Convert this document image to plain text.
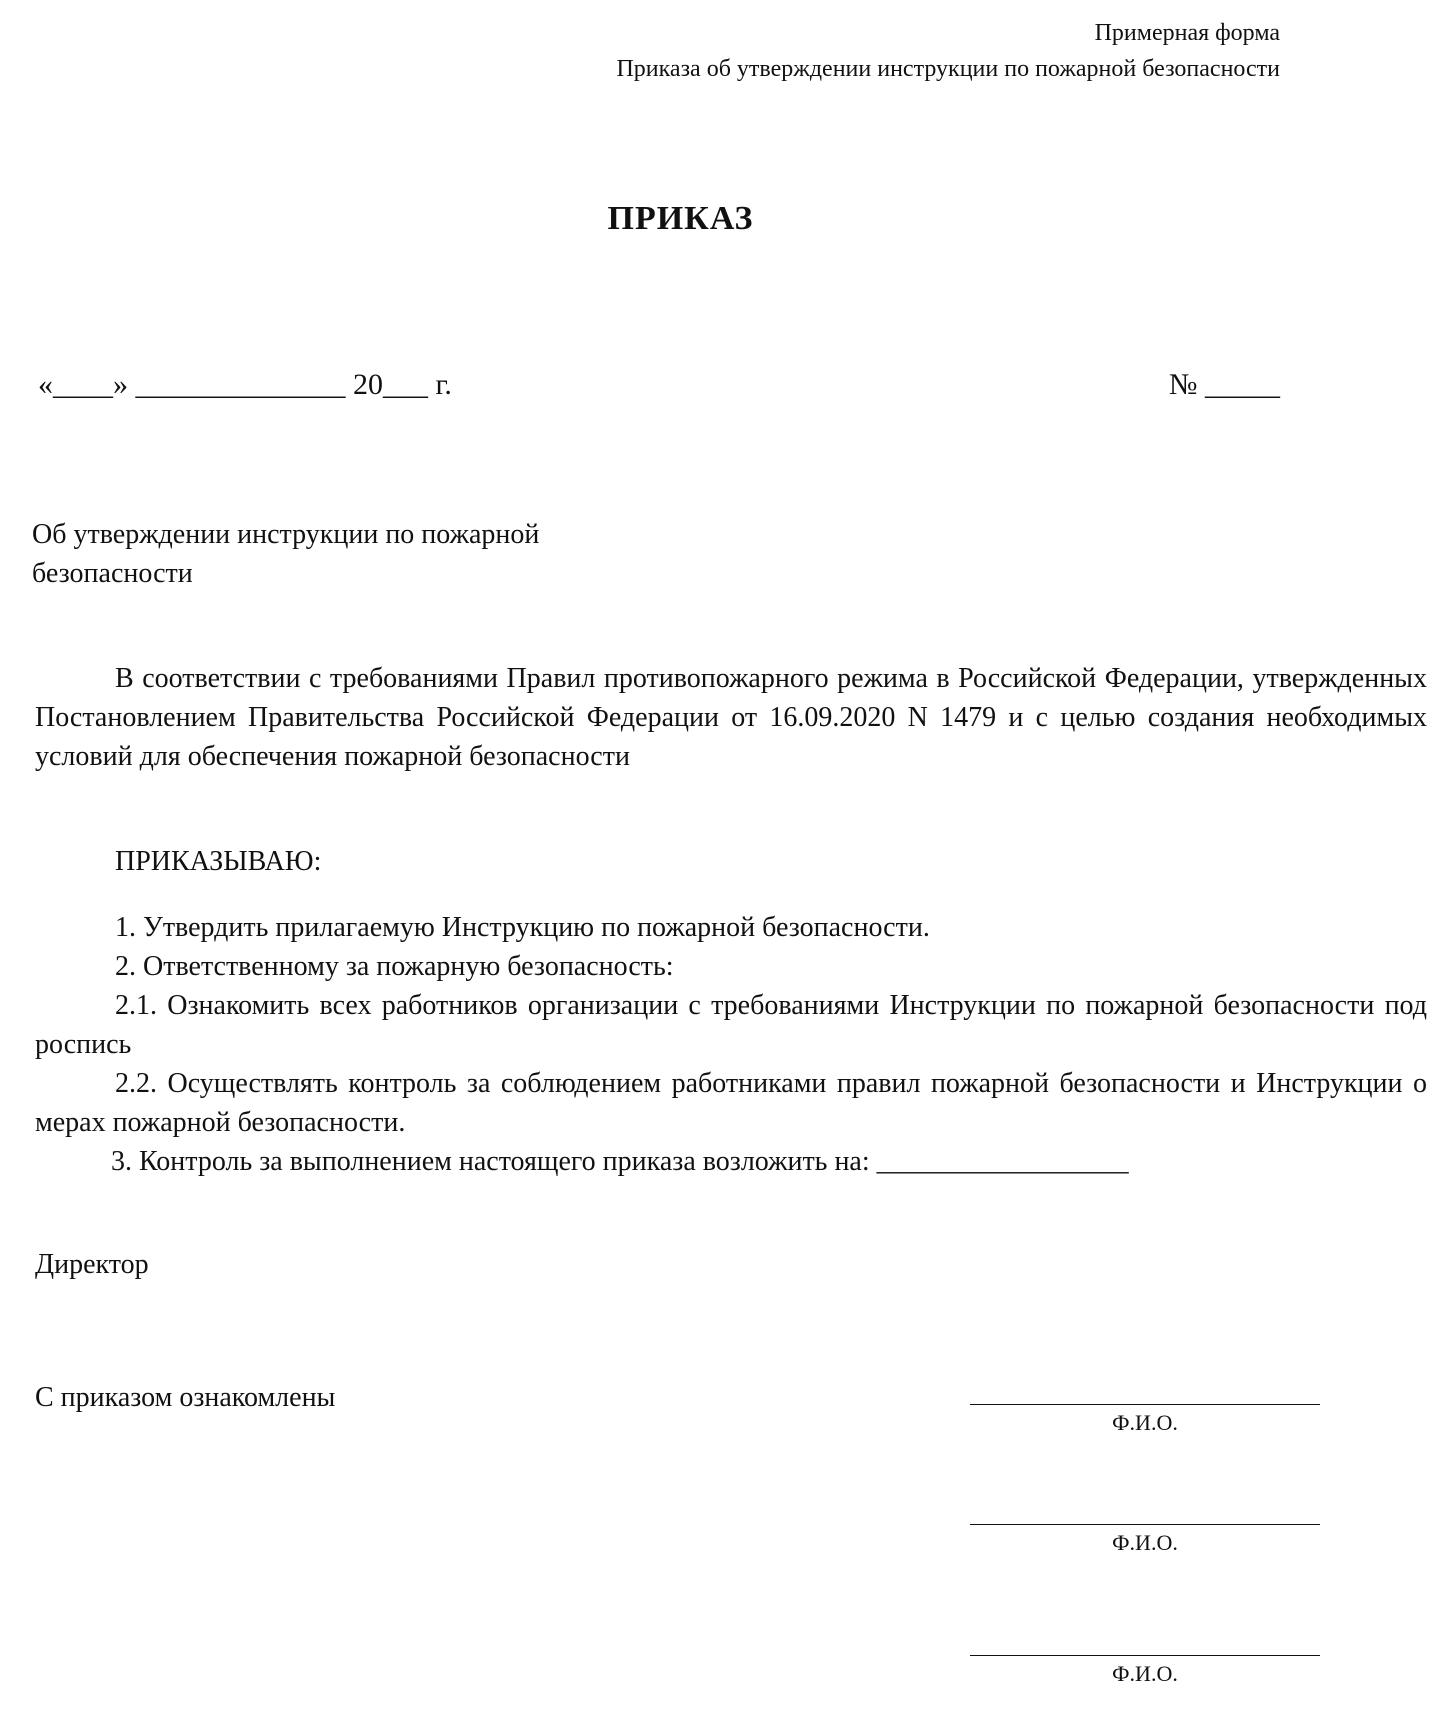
Примерная форма
Приказа об утверждении инструкции по пожарной безопасности
ПРИКАЗ
«____» ______________ 20___ г.	№ _____
Об утверждении инструкции по пожарной безопасности
В соответствии с требованиями Правил противопожарного режима в Российской Федерации, утвержденных Постановлением Правительства Российской Федерации от 16.09.2020 N 1479 и с целью создания необходимых условий для обеспечения пожарной безопасности
ПРИКАЗЫВАЮ:
1. Утвердить прилагаемую Инструкцию по пожарной безопасности.
2. Ответственному за пожарную безопасность:
2.1. Ознакомить всех работников организации с требованиями Инструкции по пожарной безопасности под роспись
2.2. Осуществлять контроль за соблюдением работниками правил пожарной безопасности и Инструкции о мерах пожарной безопасности.
3. Контроль за выполнением настоящего приказа возложить на: __________________
Директор
С приказом ознакомлены
Ф.И.О.
Ф.И.О.
Ф.И.О.
